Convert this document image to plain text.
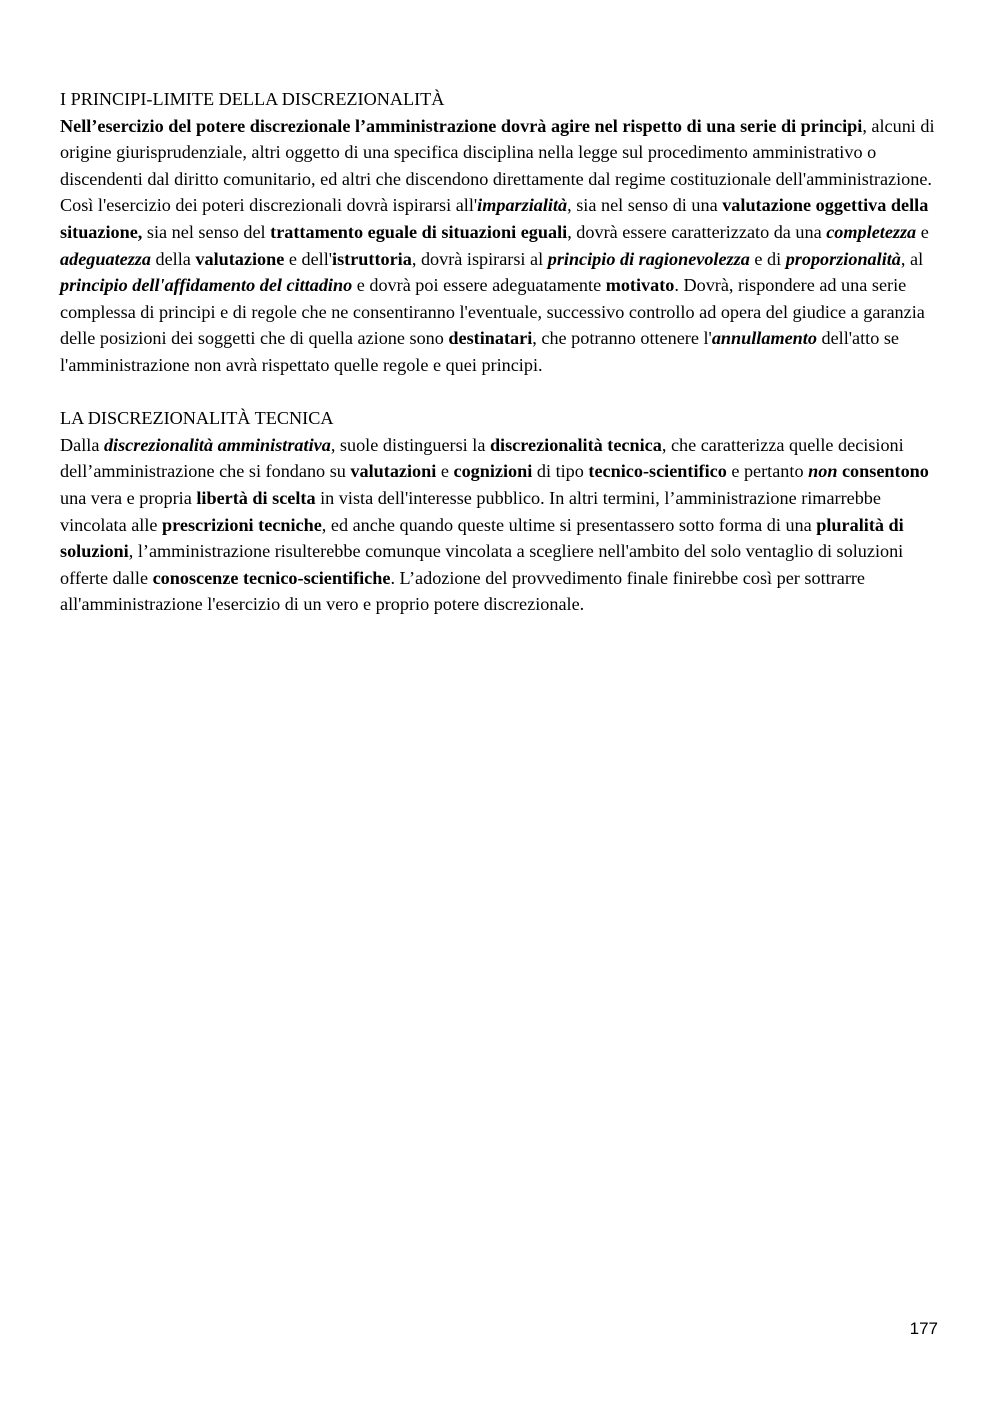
I PRINCIPI-LIMITE DELLA DISCREZIONALITÀ

Nell’esercizio del potere discrezionale l’amministrazione dovrà agire nel rispetto di una serie di principi, alcuni di origine giurisprudenziale, altri oggetto di una specifica disciplina nella legge sul procedimento amministrativo o discendenti dal diritto comunitario, ed altri che discendono direttamente dal regime costituzionale dell'amministrazione. Così l'esercizio dei poteri discrezionali dovrà ispirarsi all'imparzialità, sia nel senso di una valutazione oggettiva della situazione, sia nel senso del trattamento eguale di situazioni eguali, dovrà essere caratterizzato da una completezza e adeguatezza della valutazione e dell'istruttoria, dovrà ispirarsi al principio di ragionevolezza e di proporzionalità, al principio dell'affidamento del cittadino e dovrà poi essere adeguatamente motivato. Dovrà, rispondere ad una serie complessa di principi e di regole che ne consentiranno l'eventuale, successivo controllo ad opera del giudice a garanzia delle posizioni dei soggetti che di quella azione sono destinatari, che potranno ottenere l'annullamento dell'atto se l'amministrazione non avrà rispettato quelle regole e quei principi.

LA DISCREZIONALITÀ TECNICA

Dalla discrezionalità amministrativa, suole distinguersi la discrezionalità tecnica, che caratterizza quelle decisioni dell’amministrazione che si fondano su valutazioni e cognizioni di tipo tecnico-scientifico e pertanto non consentono una vera e propria libertà di scelta in vista dell'interesse pubblico. In altri termini, l’amministrazione rimarrebbe vincolata alle prescrizioni tecniche, ed anche quando queste ultime si presentassero sotto forma di una pluralità di soluzioni, l’amministrazione risulterebbe comunque vincolata a scegliere nell'ambito del solo ventaglio di soluzioni offerte dalle conoscenze tecnico-scientifiche. L’adozione del provvedimento finale finirebbe così per sottrarre all'amministrazione l'esercizio di un vero e proprio potere discrezionale.

177
